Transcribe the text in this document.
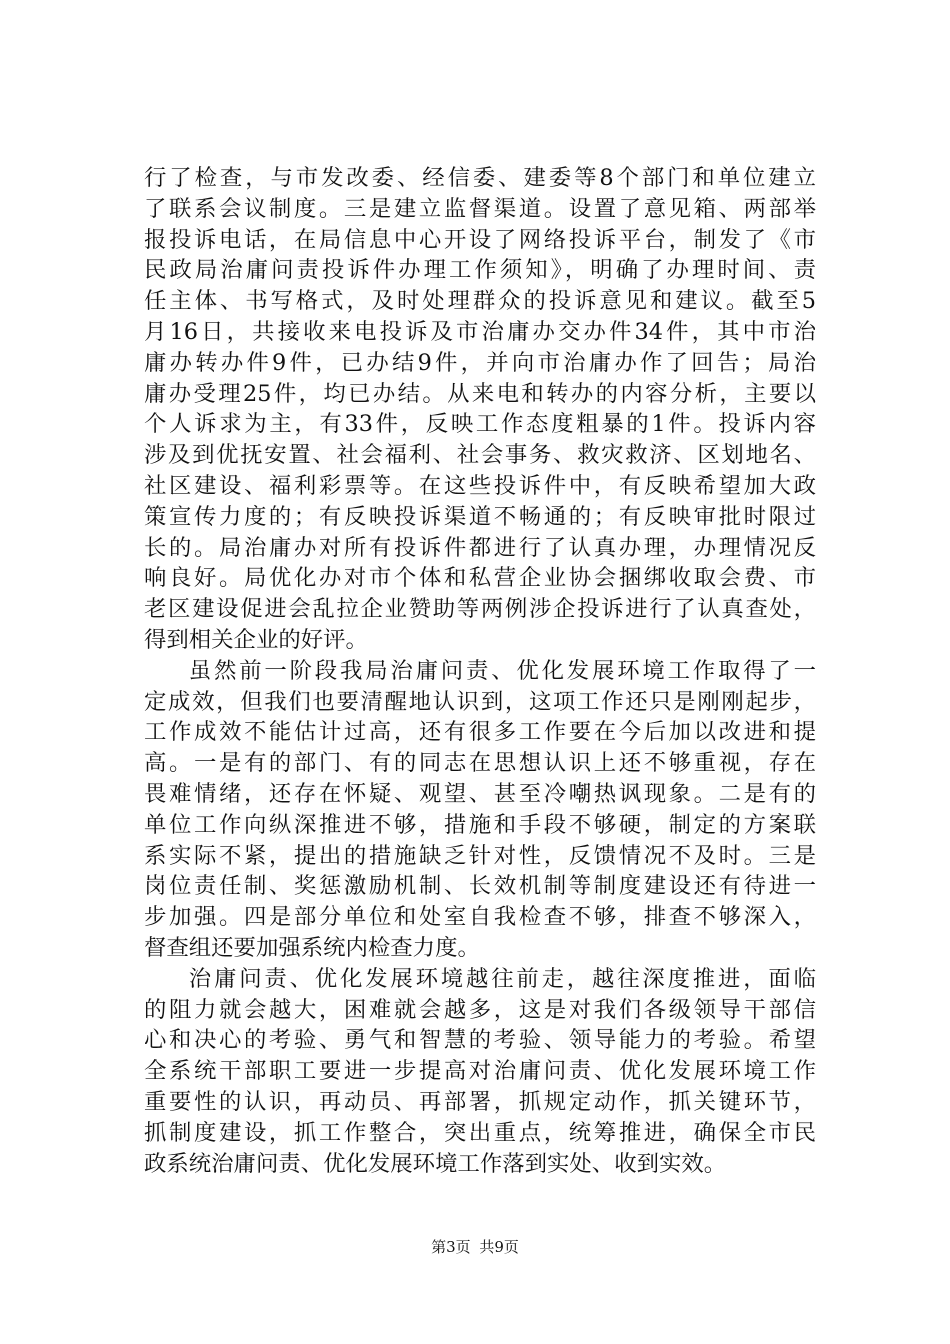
行了检查，与市发改委、经信委、建委等8个部门和单位建立
了联系会议制度。三是建立监督渠道。设置了意见箱、两部举
报投诉电话，在局信息中心开设了网络投诉平台，制发了《市
民政局治庸问责投诉件办理工作须知》，明确了办理时间、责
任主体、书写格式，及时处理群众的投诉意见和建议。截至5
月16日，共接收来电投诉及市治庸办交办件34件，其中市治
庸办转办件9件，已办结9件，并向市治庸办作了回告；局治
庸办受理25件，均已办结。从来电和转办的内容分析，主要以
个人诉求为主，有33件，反映工作态度粗暴的1件。投诉内容
涉及到优抚安置、社会福利、社会事务、救灾救济、区划地名、
社区建设、福利彩票等。在这些投诉件中，有反映希望加大政
策宣传力度的；有反映投诉渠道不畅通的；有反映审批时限过
长的。局治庸办对所有投诉件都进行了认真办理，办理情况反
响良好。局优化办对市个体和私营企业协会捆绑收取会费、市
老区建设促进会乱拉企业赞助等两例涉企投诉进行了认真查处，
得到相关企业的好评。
虽然前一阶段我局治庸问责、优化发展环境工作取得了一
定成效，但我们也要清醒地认识到，这项工作还只是刚刚起步，
工作成效不能估计过高，还有很多工作要在今后加以改进和提
高。一是有的部门、有的同志在思想认识上还不够重视，存在
畏难情绪，还存在怀疑、观望、甚至冷嘲热讽现象。二是有的
单位工作向纵深推进不够，措施和手段不够硬，制定的方案联
系实际不紧，提出的措施缺乏针对性，反馈情况不及时。三是
岗位责任制、奖惩激励机制、长效机制等制度建设还有待进一
步加强。四是部分单位和处室自我检查不够，排查不够深入，
督查组还要加强系统内检查力度。
治庸问责、优化发展环境越往前走，越往深度推进，面临
的阻力就会越大，困难就会越多，这是对我们各级领导干部信
心和决心的考验、勇气和智慧的考验、领导能力的考验。希望
全系统干部职工要进一步提高对治庸问责、优化发展环境工作
重要性的认识，再动员、再部署，抓规定动作，抓关键环节，
抓制度建设，抓工作整合，突出重点，统筹推进，确保全市民
政系统治庸问责、优化发展环境工作落到实处、收到实效。
第3页 共9页
